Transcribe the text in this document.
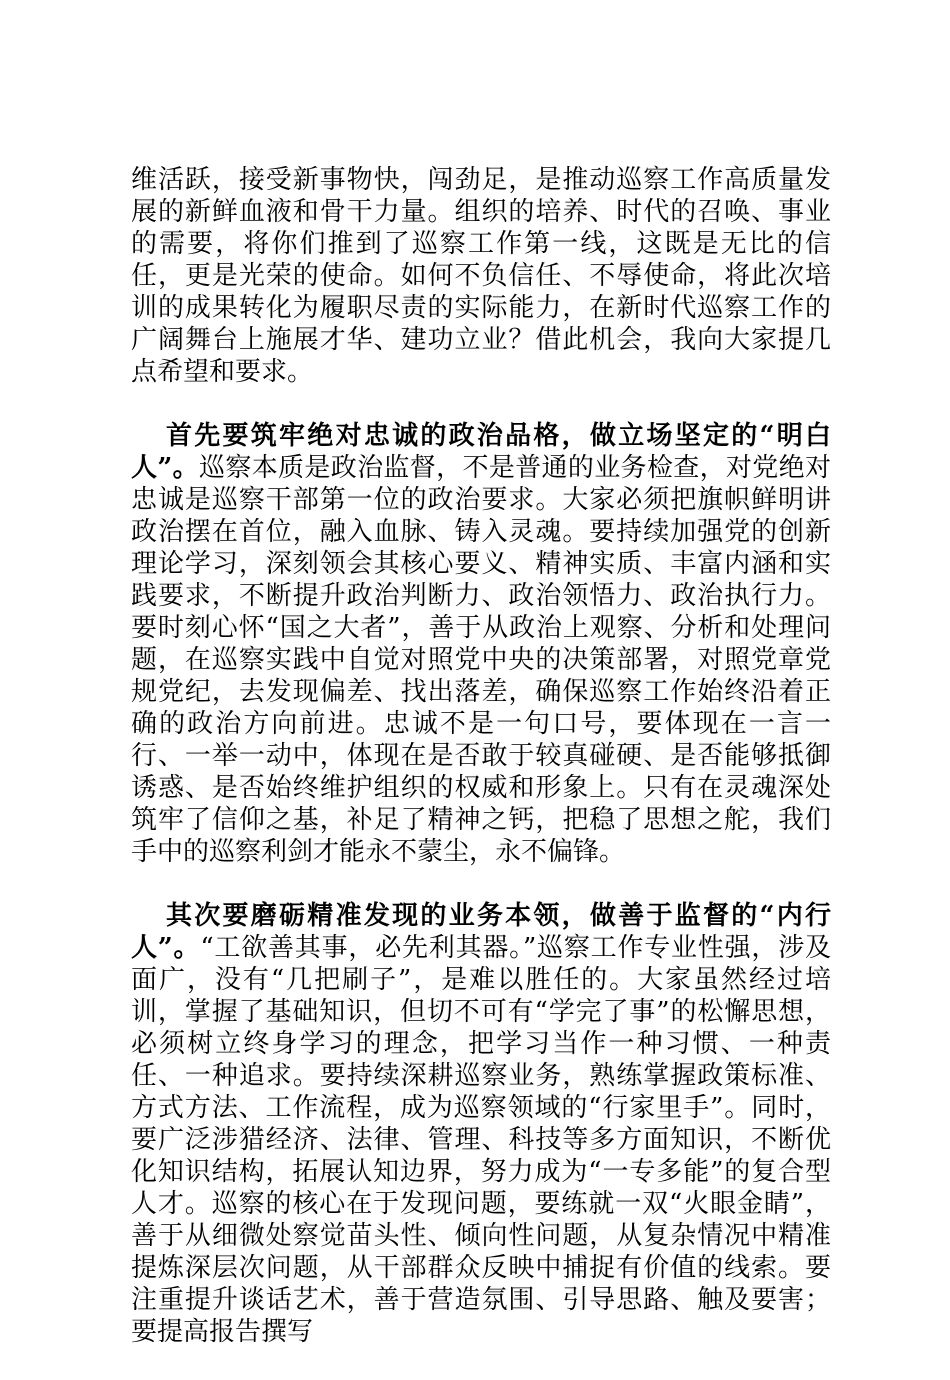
维活跃，接受新事物快，闯劲足，是推动巡察工作高质量发展的新鲜血液和骨干力量。组织的培养、时代的召唤、事业的需要，将你们推到了巡察工作第一线，这既是无比的信任，更是光荣的使命。如何不负信任、不辱使命，将此次培训的成果转化为履职尽责的实际能力，在新时代巡察工作的广阔舞台上施展才华、建功立业？借此机会，我向大家提几点希望和要求。

首先要筑牢绝对忠诚的政治品格，做立场坚定的“明白人”。巡察本质是政治监督，不是普通的业务检查，对党绝对忠诚是巡察干部第一位的政治要求。大家必须把旗帜鲜明讲政治摆在首位，融入血脉、铸入灵魂。要持续加强党的创新理论学习，深刻领会其核心要义、精神实质、丰富内涵和实践要求，不断提升政治判断力、政治领悟力、政治执行力。要时刻心怀“国之大者”，善于从政治上观察、分析和处理问题，在巡察实践中自觉对照党中央的决策部署，对照党章党规党纪，去发现偏差、找出落差，确保巡察工作始终沿着正确的政治方向前进。忠诚不是一句口号，要体现在一言一行、一举一动中，体现在是否敢于较真碰硬、是否能够抵御诱惑、是否始终维护组织的权威和形象上。只有在灵魂深处筑牢了信仰之基，补足了精神之钙，把稳了思想之舵，我们手中的巡察利剑才能永不蒙尘，永不偏锋。

其次要磨砺精准发现的业务本领，做善于监督的“内行人”。“工欲善其事，必先利其器。”巡察工作专业性强，涉及面广，没有“几把刷子”，是难以胜任的。大家虽然经过培训，掌握了基础知识，但切不可有“学完了事”的松懈思想，必须树立终身学习的理念，把学习当作一种习惯、一种责任、一种追求。要持续深耕巡察业务，熟练掌握政策标准、方式方法、工作流程，成为巡察领域的“行家里手”。同时，要广泛涉猎经济、法律、管理、科技等多方面知识，不断优化知识结构，拓展认知边界，努力成为“一专多能”的复合型人才。巡察的核心在于发现问题，要练就一双“火眼金睛”，善于从细微处察觉苗头性、倾向性问题，从复杂情况中精准提炼深层次问题，从干部群众反映中捕捉有价值的线索。要注重提升谈话艺术，善于营造氛围、引导思路、触及要害；要提高报告撰写
